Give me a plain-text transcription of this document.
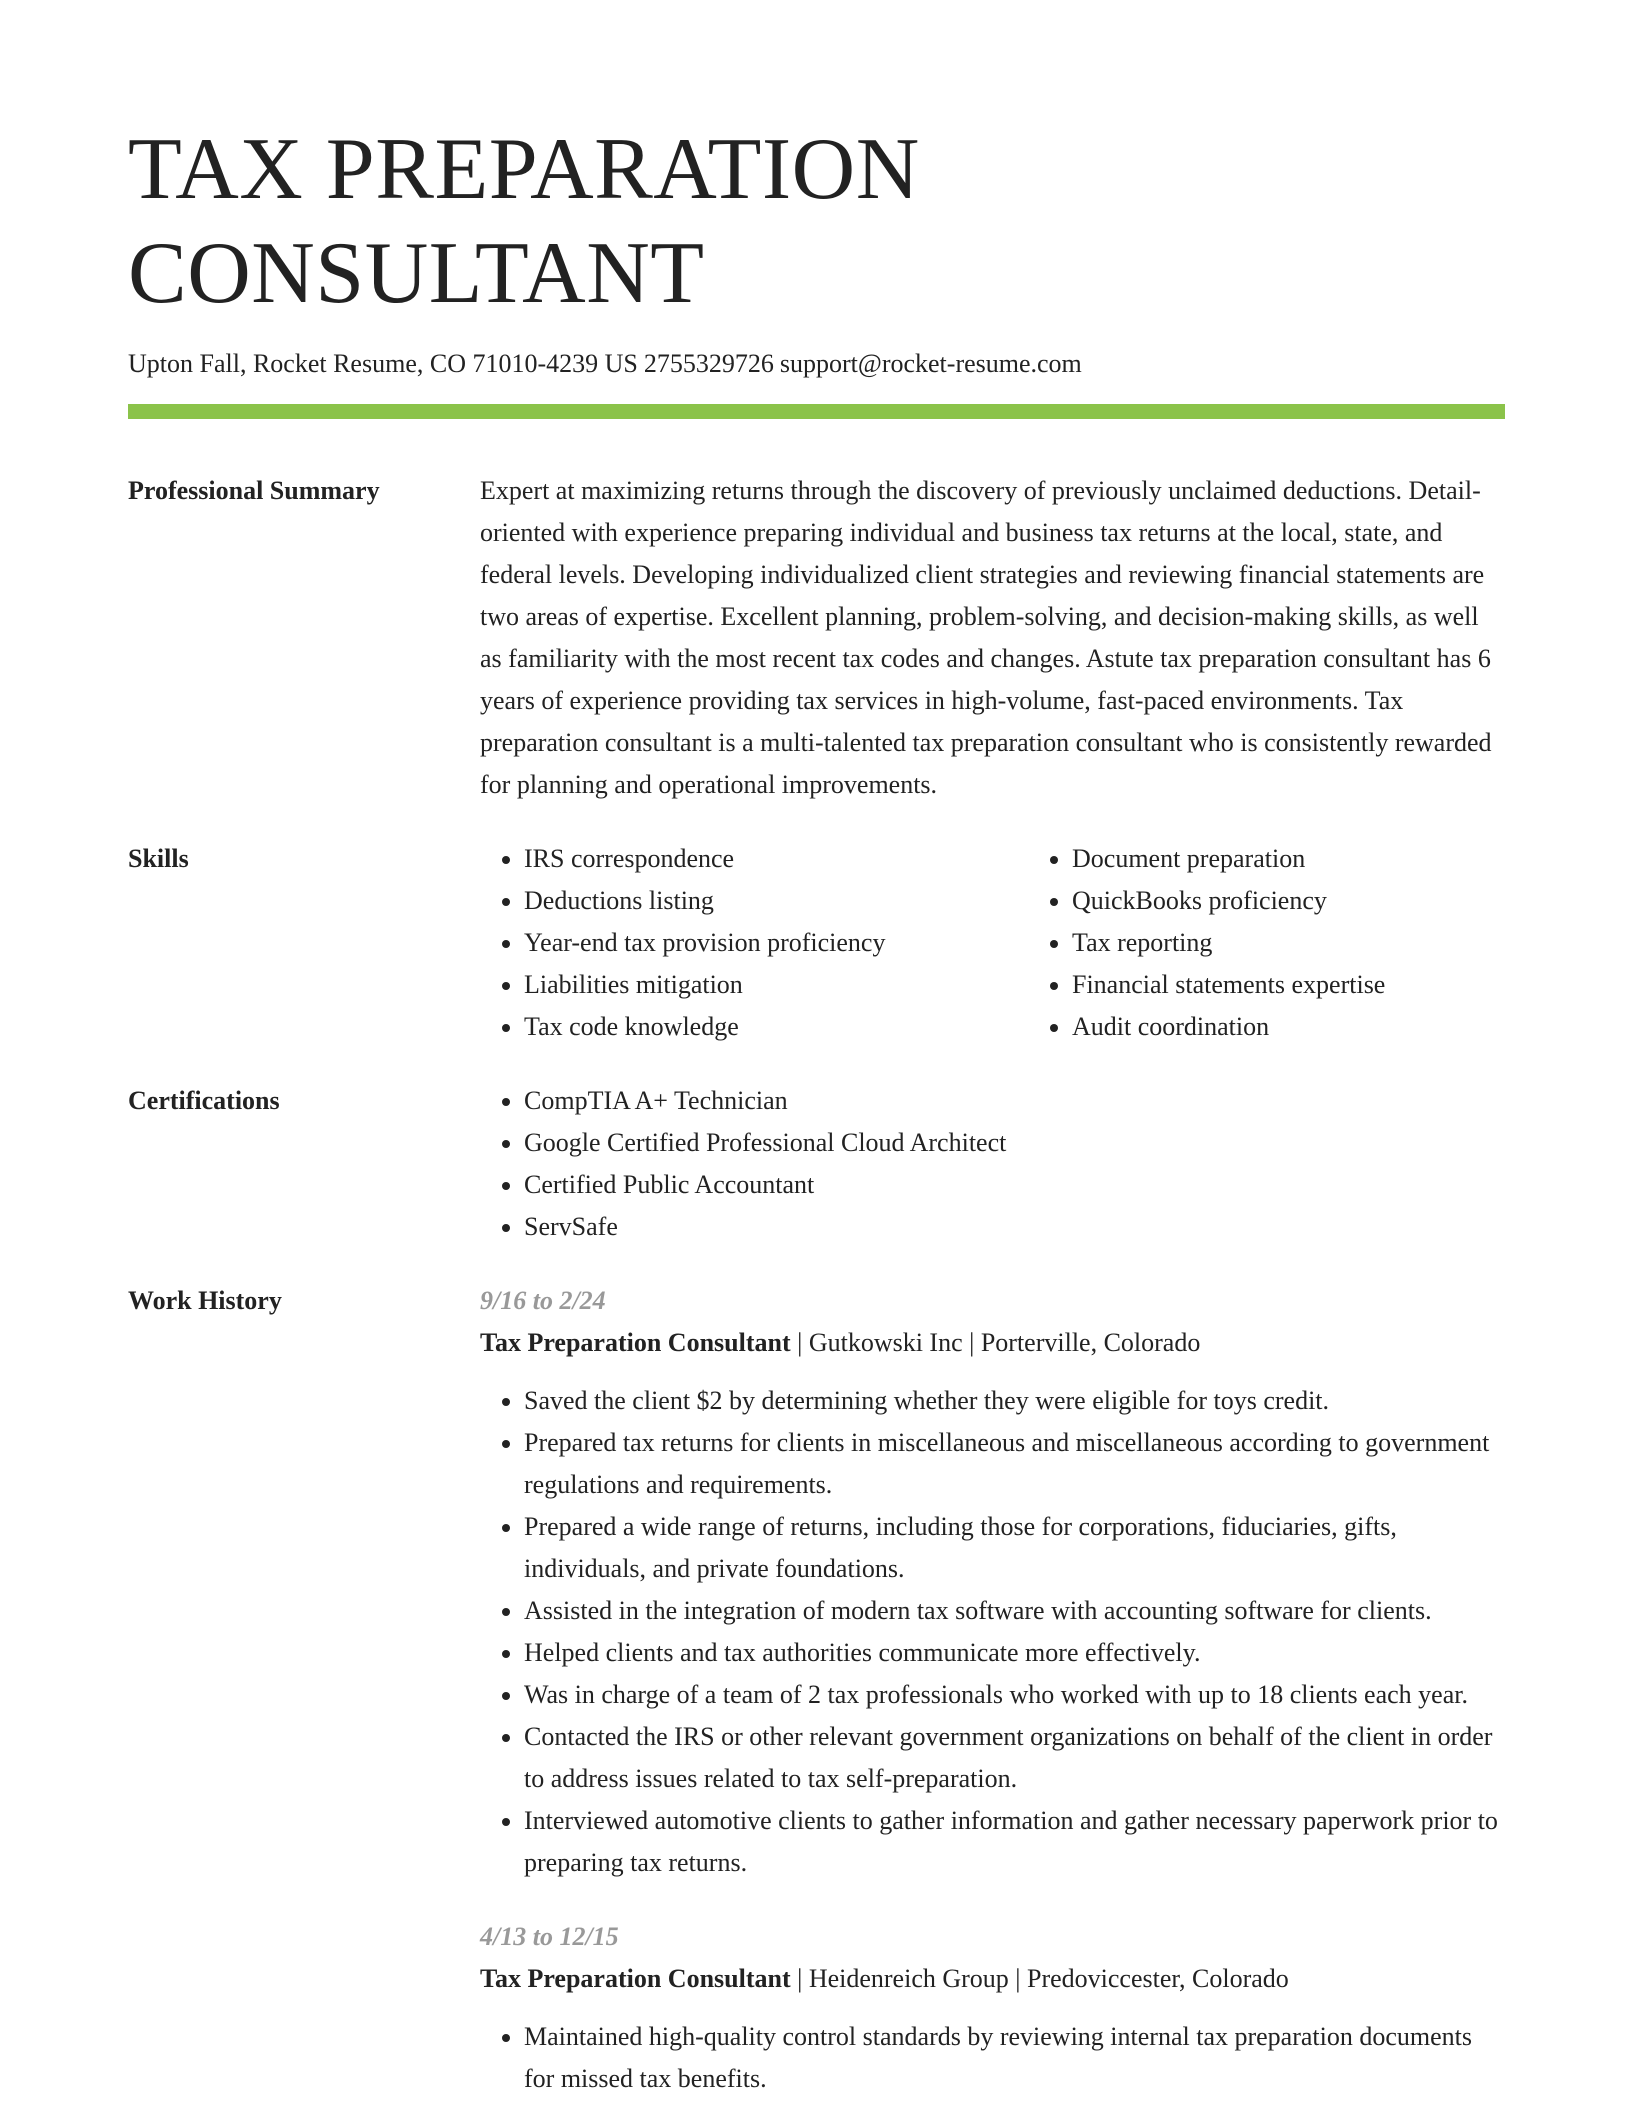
TAX PREPARATION CONSULTANT
Upton Fall, Rocket Resume, CO 71010-4239 US 2755329726 support@rocket-resume.com
Professional Summary	Expert at maximizing returns through the discovery of previously unclaimed deductions. Detail-oriented with experience preparing individual and business tax returns at the local, state, and federal levels. Developing individualized client strategies and reviewing financial statements are two areas of expertise. Excellent planning, problem-solving, and decision-making skills, as well as familiarity with the most recent tax codes and changes. Astute tax preparation consultant has 6 years of experience providing tax services in high-volume, fast-paced environments. Tax preparation consultant is a multi-talented tax preparation consultant who is consistently rewarded for planning and operational improvements.

Skills	• IRS correspondence
• Deductions listing
• Year-end tax provision proficiency
• Liabilities mitigation
• Tax code knowledge
• Document preparation
• QuickBooks proficiency
• Tax reporting
• Financial statements expertise
• Audit coordination
Certifications	• CompTIA A+ Technician
• Google Certified Professional Cloud Architect
• Certified Public Accountant
• ServSafe
Work History	9/16 to 2/24
Tax Preparation Consultant | Gutkowski Inc | Porterville, Colorado
• Saved the client $2 by determining whether they were eligible for toys credit.
• Prepared tax returns for clients in miscellaneous and miscellaneous according to government regulations and requirements.
• Prepared a wide range of returns, including those for corporations, fiduciaries, gifts, individuals, and private foundations.
• Assisted in the integration of modern tax software with accounting software for clients.
• Helped clients and tax authorities communicate more effectively.
• Was in charge of a team of 2 tax professionals who worked with up to 18 clients each year.
• Contacted the IRS or other relevant government organizations on behalf of the client in order to address issues related to tax self-preparation.
• Interviewed automotive clients to gather information and gather necessary paperwork prior to preparing tax returns.
4/13 to 12/15
Tax Preparation Consultant | Heidenreich Group | Predoviccester, Colorado
• Maintained high-quality control standards by reviewing internal tax preparation documents for missed tax benefits.
